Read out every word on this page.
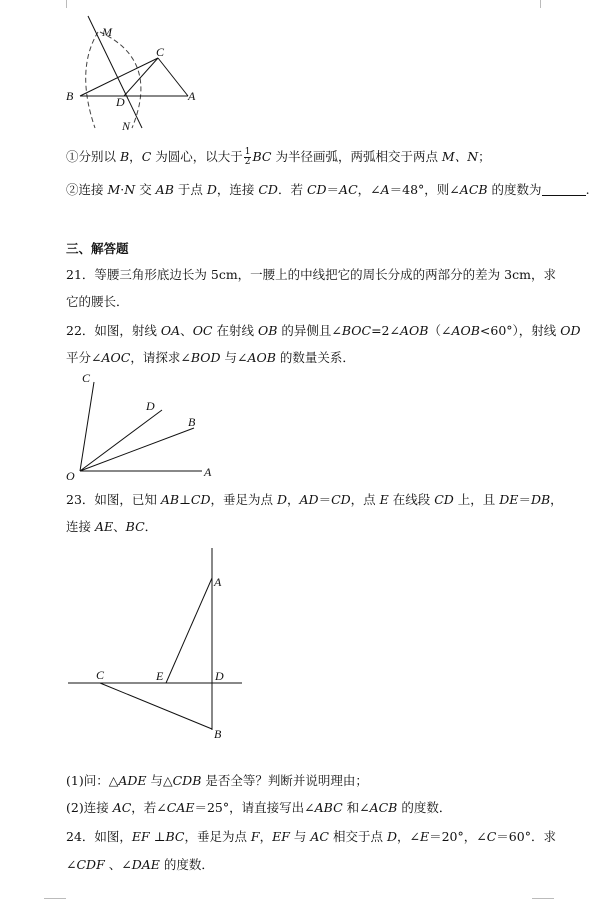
M
C
B	D	A
N
①分别以 B，C 为圆心，以大于 $\frac{1}{2}$ BC 为半径画弧，两弧相交于两点 M、N；
②连接 M·N 交 AB 于点 D，连接 CD．若 CD＝AC，∠A＝48°，则∠ACB 的度数为	.
三、解答题
21．等腰三角形底边长为 5cm，一腰上的中线把它的周长分成的两部分的差为 3cm，求
它的腰长．
22．如图，射线 OA、OC 在射线 OB 的异侧且∠BOC=2∠AOB（∠AOB<60°），射线 OD
平分∠AOC，请探求∠BOD 与∠AOB 的数量关系．
C
D
B
O	A
23．如图，已知 AB⊥CD，垂足为点 D，AD＝CD，点 E 在线段 CD 上，且 DE＝DB，
连接 AE、BC．
A
C	E	D
B
(1)问：△ADE 与△CDB 是否全等？判断并说明理由；
(2)连接 AC，若∠CAE＝25°，请直接写出∠ABC 和∠ACB 的度数．
24．如图，EF ⊥BC，垂足为点 F，EF 与 AC 相交于点 D，∠E＝20°，∠C＝60°．求
∠CDF 、∠DAE 的度数．
